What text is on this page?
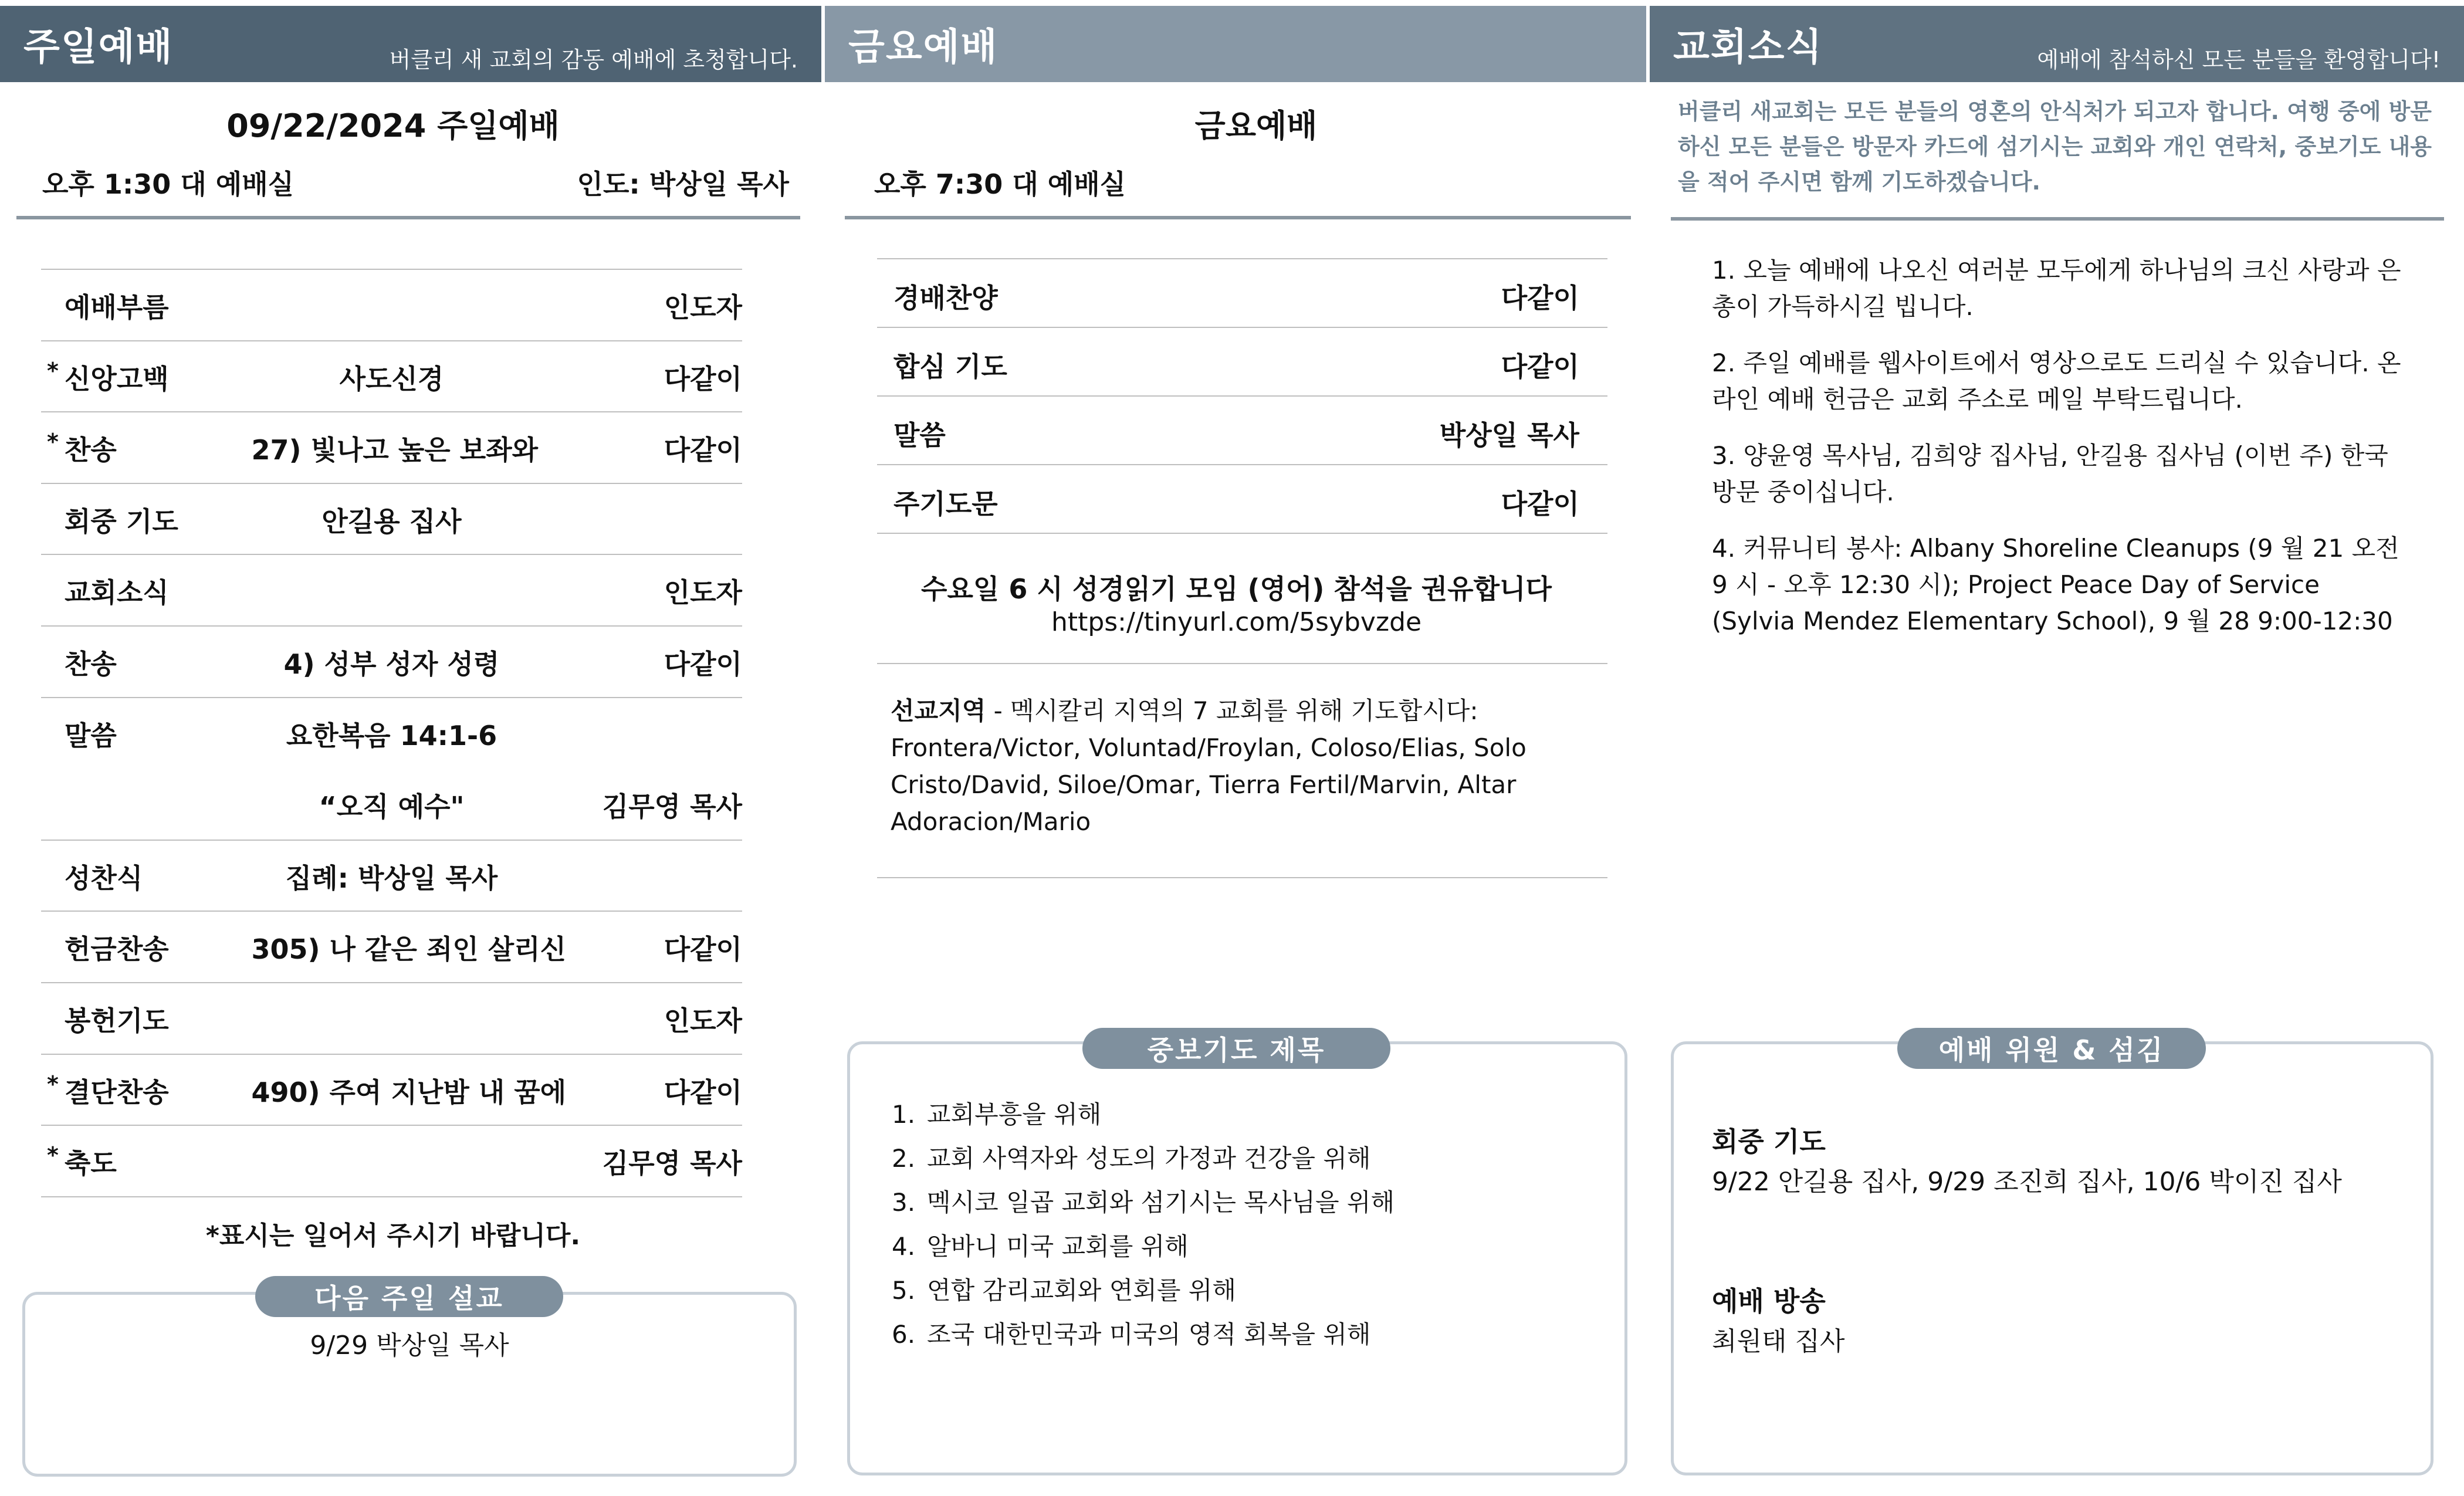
주일예배	버클리 새 교회의 감동 예배에 초청합니다. 금요예배	교회소식	예배에 참석하신 모든 분들을 환영합니다!
09/22/2024 주일예배
오후 1:30 대 예배실	인도: 박상일 목사
예배부름	인도자
* 신앙고백	사도신경	다같이
* 찬송	27) 빛나고 높은 보좌와	다같이
회중 기도	안길용 집사
교회소식	인도자
찬송	4) 성부 성자 성령	다같이
말씀	요한복음 14:1-6
“오직 예수"	김무영 목사
성찬식	집례: 박상일 목사
헌금찬송	305) 나 같은 죄인 살리신	다같이
봉헌기도	인도자
* 결단찬송	490) 주여 지난밤 내 꿈에	다같이
* 축도	김무영 목사
*표시는 일어서 주시기 바랍니다.
다음 주일 설교
9/29 박상일 목사
금요예배
오후 7:30 대 예배실
경배찬양	다같이
합심 기도	다같이
말씀	박상일 목사
주기도문	다같이
수요일 6 시 성경읽기 모임 (영어) 참석을 권유합니다
https://tinyurl.com/5sybvzde
선교지역 - 멕시칼리 지역의 7 교회를 위해 기도합시다: Frontera/Victor, Voluntad/Froylan, Coloso/Elias, Solo Cristo/David, Siloe/Omar, Tierra Fertil/Marvin, Altar Adoracion/Mario
중보기도 제목
1. 교회부흥을 위해
2. 교회 사역자와 성도의 가정과 건강을 위해
3. 멕시코 일곱 교회와 섬기시는 목사님을 위해
4. 알바니 미국 교회를 위해
5. 연합 감리교회와 연회를 위해
6. 조국 대한민국과 미국의 영적 회복을 위해
버클리 새교회는 모든 분들의 영혼의 안식처가 되고자 합니다. 여행 중에 방문하신 모든 분들은 방문자 카드에 섬기시는 교회와 개인 연락처, 중보기도 내용을 적어 주시면 함께 기도하겠습니다.

1. 오늘 예배에 나오신 여러분 모두에게 하나님의 크신 사랑과 은총이 가득하시길 빕니다.

2. 주일 예배를 웹사이트에서 영상으로도 드리실 수 있습니다. 온라인 예배 헌금은 교회 주소로 메일 부탁드립니다.

3. 양윤영 목사님, 김희양 집사님, 안길용 집사님 (이번 주) 한국 방문 중이십니다.

4. 커뮤니티 봉사: Albany Shoreline Cleanups (9 월 21 오전 9 시 - 오후 12:30 시); Project Peace Day of Service (Sylvia Mendez Elementary School), 9 월 28 9:00-12:30

예배 위원 & 섬김
회중 기도
9/22 안길용 집사, 9/29 조진희 집사, 10/6 박이진 집사
예배 방송
최원태 집사
